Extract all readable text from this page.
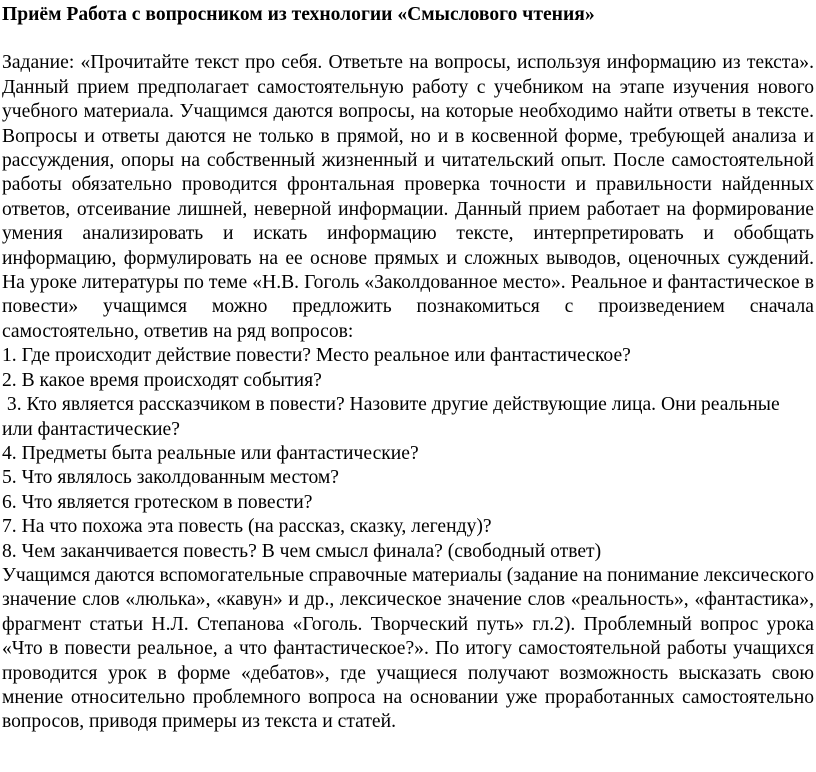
Приём Работа с вопросником из технологии «Смыслового чтения»

Задание: «Прочитайте текст про себя. Ответьте на вопросы, используя информацию из текста». Данный прием предполагает самостоятельную работу с учебником на этапе изучения нового учебного материала. Учащимся даются вопросы, на которые необходимо найти ответы в тексте. Вопросы и ответы даются не только в прямой, но и в косвенной форме, требующей анализа и рассуждения, опоры на собственный жизненный и читательский опыт. После самостоятельной работы обязательно проводится фронтальная проверка точности и правильности найденных ответов, отсеивание лишней, неверной информации. Данный прием работает на формирование умения анализировать и искать информацию тексте, интерпретировать и обобщать информацию, формулировать на ее основе прямых и сложных выводов, оценочных суждений. На уроке литературы по теме «Н.В. Гоголь «Заколдованное место». Реальное и фантастическое в повести» учащимся можно предложить познакомиться с произведением сначала самостоятельно, ответив на ряд вопросов:

1. Где происходит действие повести? Место реальное или фантастическое?

2. В какое время происходят события?

3. Кто является рассказчиком в повести? Назовите другие действующие лица. Они реальные или фантастические?

4. Предметы быта реальные или фантастические?

5. Что являлось заколдованным местом?

6. Что является гротеском в повести?

7. На что похожа эта повесть (на рассказ, сказку, легенду)?

8. Чем заканчивается повесть? В чем смысл финала? (свободный ответ)

Учащимся даются вспомогательные справочные материалы (задание на понимание лексического значение слов «люлька», «кавун» и др., лексическое значение слов «реальность», «фантастика», фрагмент статьи Н.Л. Степанова «Гоголь. Творческий путь» гл.2). Проблемный вопрос урока «Что в повести реальное, а что фантастическое?». По итогу самостоятельной работы учащихся проводится урок в форме «дебатов», где учащиеся получают возможность высказать свою мнение относительно проблемного вопроса на основании уже проработанных самостоятельно вопросов, приводя примеры из текста и статей.
